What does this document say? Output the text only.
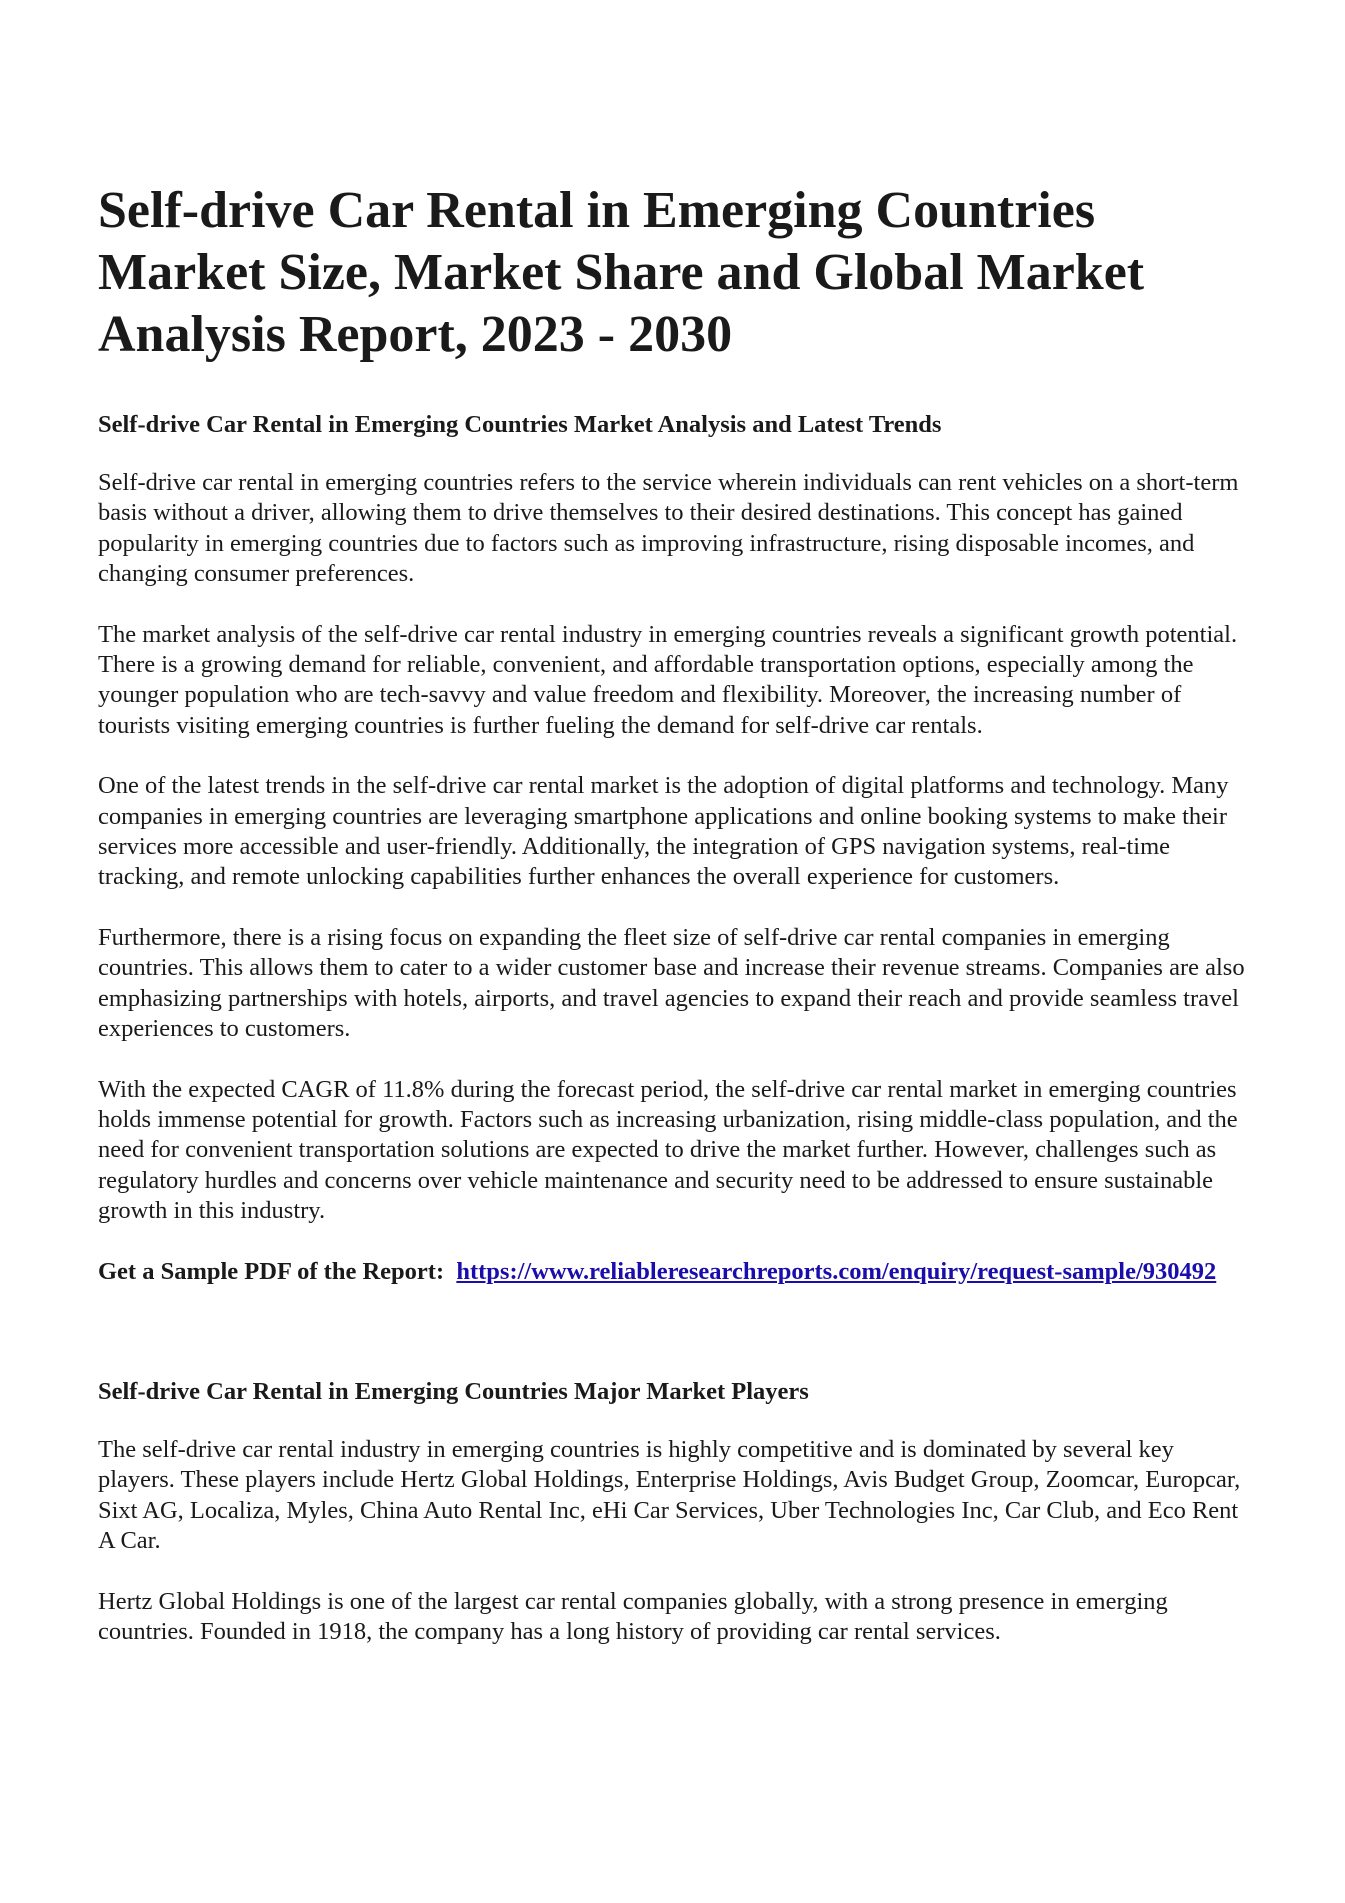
Self-drive Car Rental in Emerging Countries Market Size, Market Share and Global Market Analysis Report, 2023 - 2030
Self-drive Car Rental in Emerging Countries Market Analysis and Latest Trends

Self-drive car rental in emerging countries refers to the service wherein individuals can rent vehicles on a short-term basis without a driver, allowing them to drive themselves to their desired destinations. This concept has gained popularity in emerging countries due to factors such as improving infrastructure, rising disposable incomes, and changing consumer preferences.

The market analysis of the self-drive car rental industry in emerging countries reveals a significant growth potential. There is a growing demand for reliable, convenient, and affordable transportation options, especially among the younger population who are tech-savvy and value freedom and flexibility. Moreover, the increasing number of tourists visiting emerging countries is further fueling the demand for self-drive car rentals.

One of the latest trends in the self-drive car rental market is the adoption of digital platforms and technology. Many companies in emerging countries are leveraging smartphone applications and online booking systems to make their services more accessible and user-friendly. Additionally, the integration of GPS navigation systems, real-time tracking, and remote unlocking capabilities further enhances the overall experience for customers.

Furthermore, there is a rising focus on expanding the fleet size of self-drive car rental companies in emerging countries. This allows them to cater to a wider customer base and increase their revenue streams. Companies are also emphasizing partnerships with hotels, airports, and travel agencies to expand their reach and provide seamless travel experiences to customers.

With the expected CAGR of 11.8% during the forecast period, the self-drive car rental market in emerging countries holds immense potential for growth. Factors such as increasing urbanization, rising middle-class population, and the need for convenient transportation solutions are expected to drive the market further. However, challenges such as regulatory hurdles and concerns over vehicle maintenance and security need to be addressed to ensure sustainable growth in this industry.

Get a Sample PDF of the Report: https://www.reliableresearchreports.com/enquiry/request-sample/930492

Self-drive Car Rental in Emerging Countries Major Market Players

The self-drive car rental industry in emerging countries is highly competitive and is dominated by several key players. These players include Hertz Global Holdings, Enterprise Holdings, Avis Budget Group, Zoomcar, Europcar, Sixt AG, Localiza, Myles, China Auto Rental Inc, eHi Car Services, Uber Technologies Inc, Car Club, and Eco Rent A Car.

Hertz Global Holdings is one of the largest car rental companies globally, with a strong presence in emerging countries. Founded in 1918, the company has a long history of providing car rental services.
